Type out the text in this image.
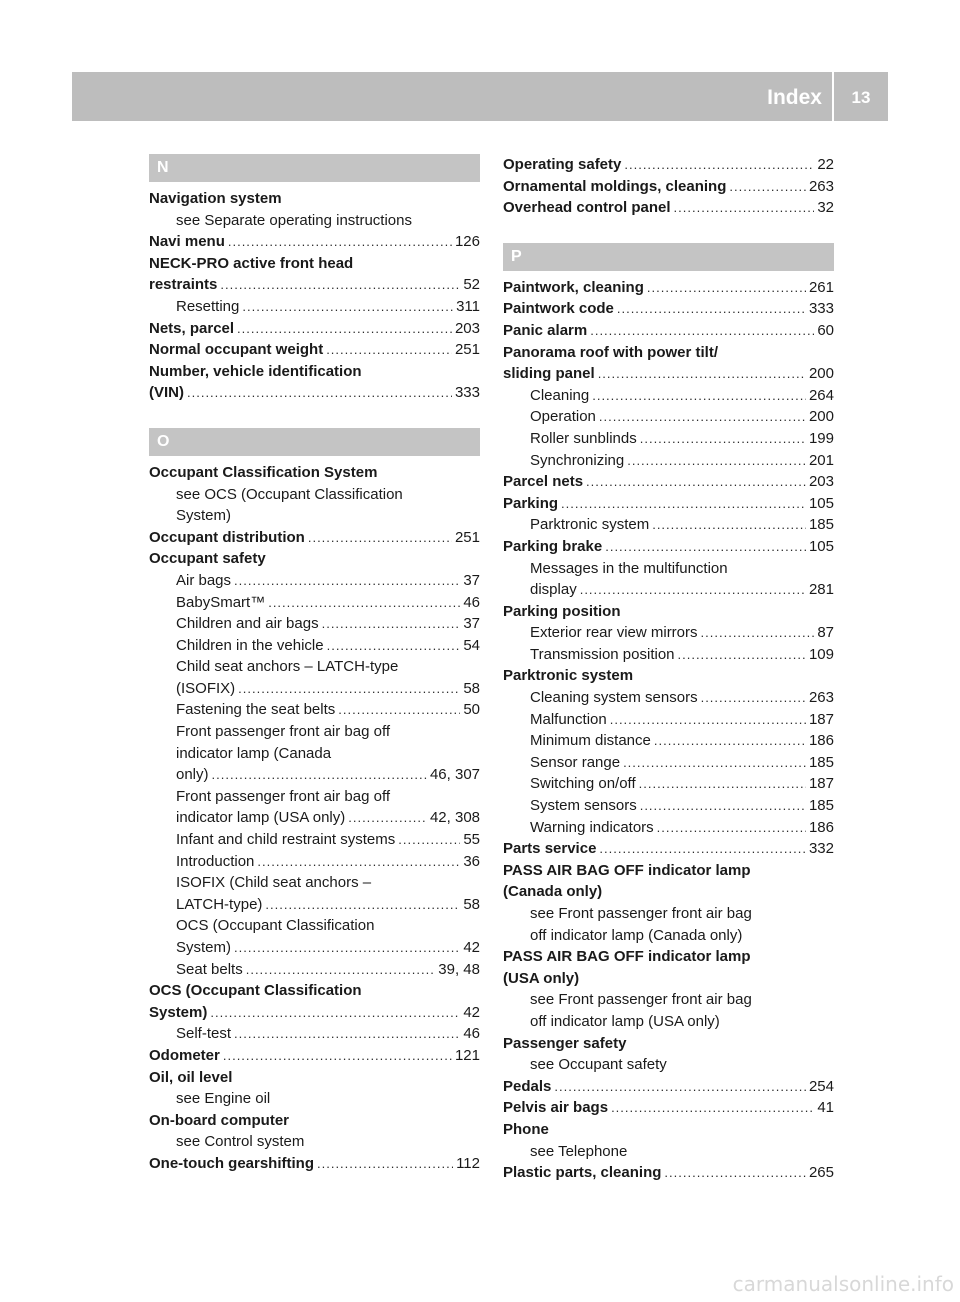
Index	13
N
Navigation system
see Separate operating instructions
Navi menu .....	126
NECK-PRO active front head
restraints .....	52
Resetting .....	311
Nets, parcel .....	203
Normal occupant weight .....	251
Number, vehicle identification
(VIN) .....	333
O
Occupant Classification System
see OCS (Occupant Classification
System)
Occupant distribution .....	251
Occupant safety
Air bags .....	37
BabySmart™ .....	46
Children and air bags .....	37
Children in the vehicle .....	54
Child seat anchors – LATCH-type
(ISOFIX) .....	58
Fastening the seat belts .....	50
Front passenger front air bag off
indicator lamp (Canada
only) .....	46, 307
Front passenger front air bag off
indicator lamp (USA only) .....	42, 308
Infant and child restraint systems .....	55
Introduction .....	36
ISOFIX (Child seat anchors –
LATCH-type) .....	58
OCS (Occupant Classification
System) .....	42
Seat belts .....	39, 48
OCS (Occupant Classification
System) .....	42
Self-test .....	46
Odometer .....	121
Oil, oil level
see Engine oil
On-board computer
see Control system
One-touch gearshifting .....	112
Operating safety .....	22
Ornamental moldings, cleaning .....	263
Overhead control panel .....	32
P
Paintwork, cleaning .....	261
Paintwork code .....	333
Panic alarm .....	60
Panorama roof with power tilt/
sliding panel .....	200
Cleaning .....	264
Operation .....	200
Roller sunblinds .....	199
Synchronizing .....	201
Parcel nets .....	203
Parking .....	105
Parktronic system .....	185
Parking brake .....	105
Messages in the multifunction
display .....	281
Parking position
Exterior rear view mirrors .....	87
Transmission position .....	109
Parktronic system
Cleaning system sensors .....	263
Malfunction .....	187
Minimum distance .....	186
Sensor range .....	185
Switching on/off .....	187
System sensors .....	185
Warning indicators .....	186
Parts service .....	332
PASS AIR BAG OFF indicator lamp
(Canada only)
see Front passenger front air bag
off indicator lamp (Canada only)
PASS AIR BAG OFF indicator lamp
(USA only)
see Front passenger front air bag
off indicator lamp (USA only)
Passenger safety
see Occupant safety
Pedals .....	254
Pelvis air bags .....	41
Phone
see Telephone
Plastic parts, cleaning .....	265
carmanualsonline.info
